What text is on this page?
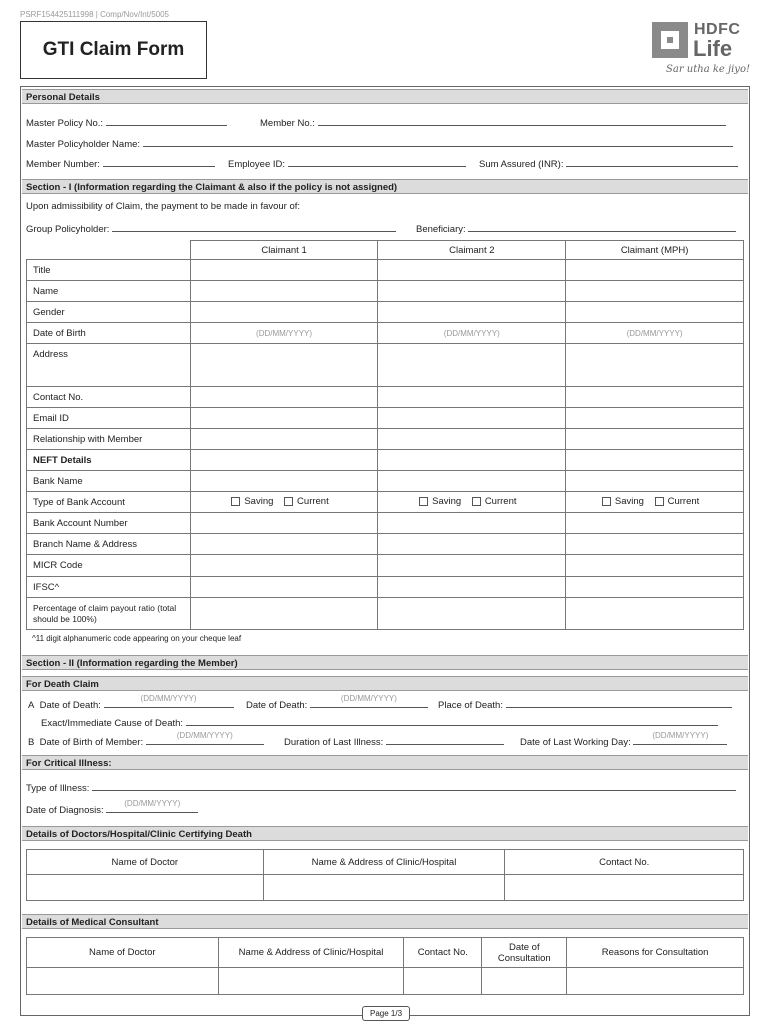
PSRF154425111998 | Comp/Nov/Int/5005
GTI Claim Form
HDFC
Life
Sar utha ke jiyo!
Personal Details
Master Policy No.:	Member No.:
Master Policyholder Name:
Member Number:	Employee ID:	Sum Assured (INR):
Section - I (Information regarding the Claimant & also if the policy is not assigned)
Upon admissibility of Claim, the payment to be made in favour of:
Group Policyholder:	Beneficiary:
	Claimant 1	Claimant 2	Claimant (MPH)
Title			
Name			
Gender			
Date of Birth	(DD/MM/YYYY)	(DD/MM/YYYY)	(DD/MM/YYYY)
Address			
Contact No.			
Email ID			
Relationship with Member			
NEFT Details			
Bank Name			
Type of Bank Account	Saving Current	Saving Current	Saving Current
Bank Account Number			
Branch Name & Address			
MICR Code			
IFSC^			
Percentage of claim payout ratio (total should be 100%)			
^11 digit alphanumeric code appearing on your cheque leaf
Section - II (Information regarding the Member)
For Death Claim
A Date of Death:
(DD/MM/YYYY)
Date of Death:
(DD/MM/YYYY)
Place of Death:
Exact/Immediate Cause of Death:
B Date of Birth of Member:
(DD/MM/YYYY)
Duration of Last Illness:	Date of Last Working Day:
(DD/MM/YYYY)
For Critical Illness:
Type of Illness:
Date of Diagnosis:
(DD/MM/YYYY)
Details of Doctors/Hospital/Clinic Certifying Death
Name of Doctor	Name & Address of Clinic/Hospital	Contact No.

Details of Medical Consultant
Name of Doctor	Name & Address of Clinic/Hospital	Contact No.	Date of Consultation	Reasons for Consultation

Page 1/3
